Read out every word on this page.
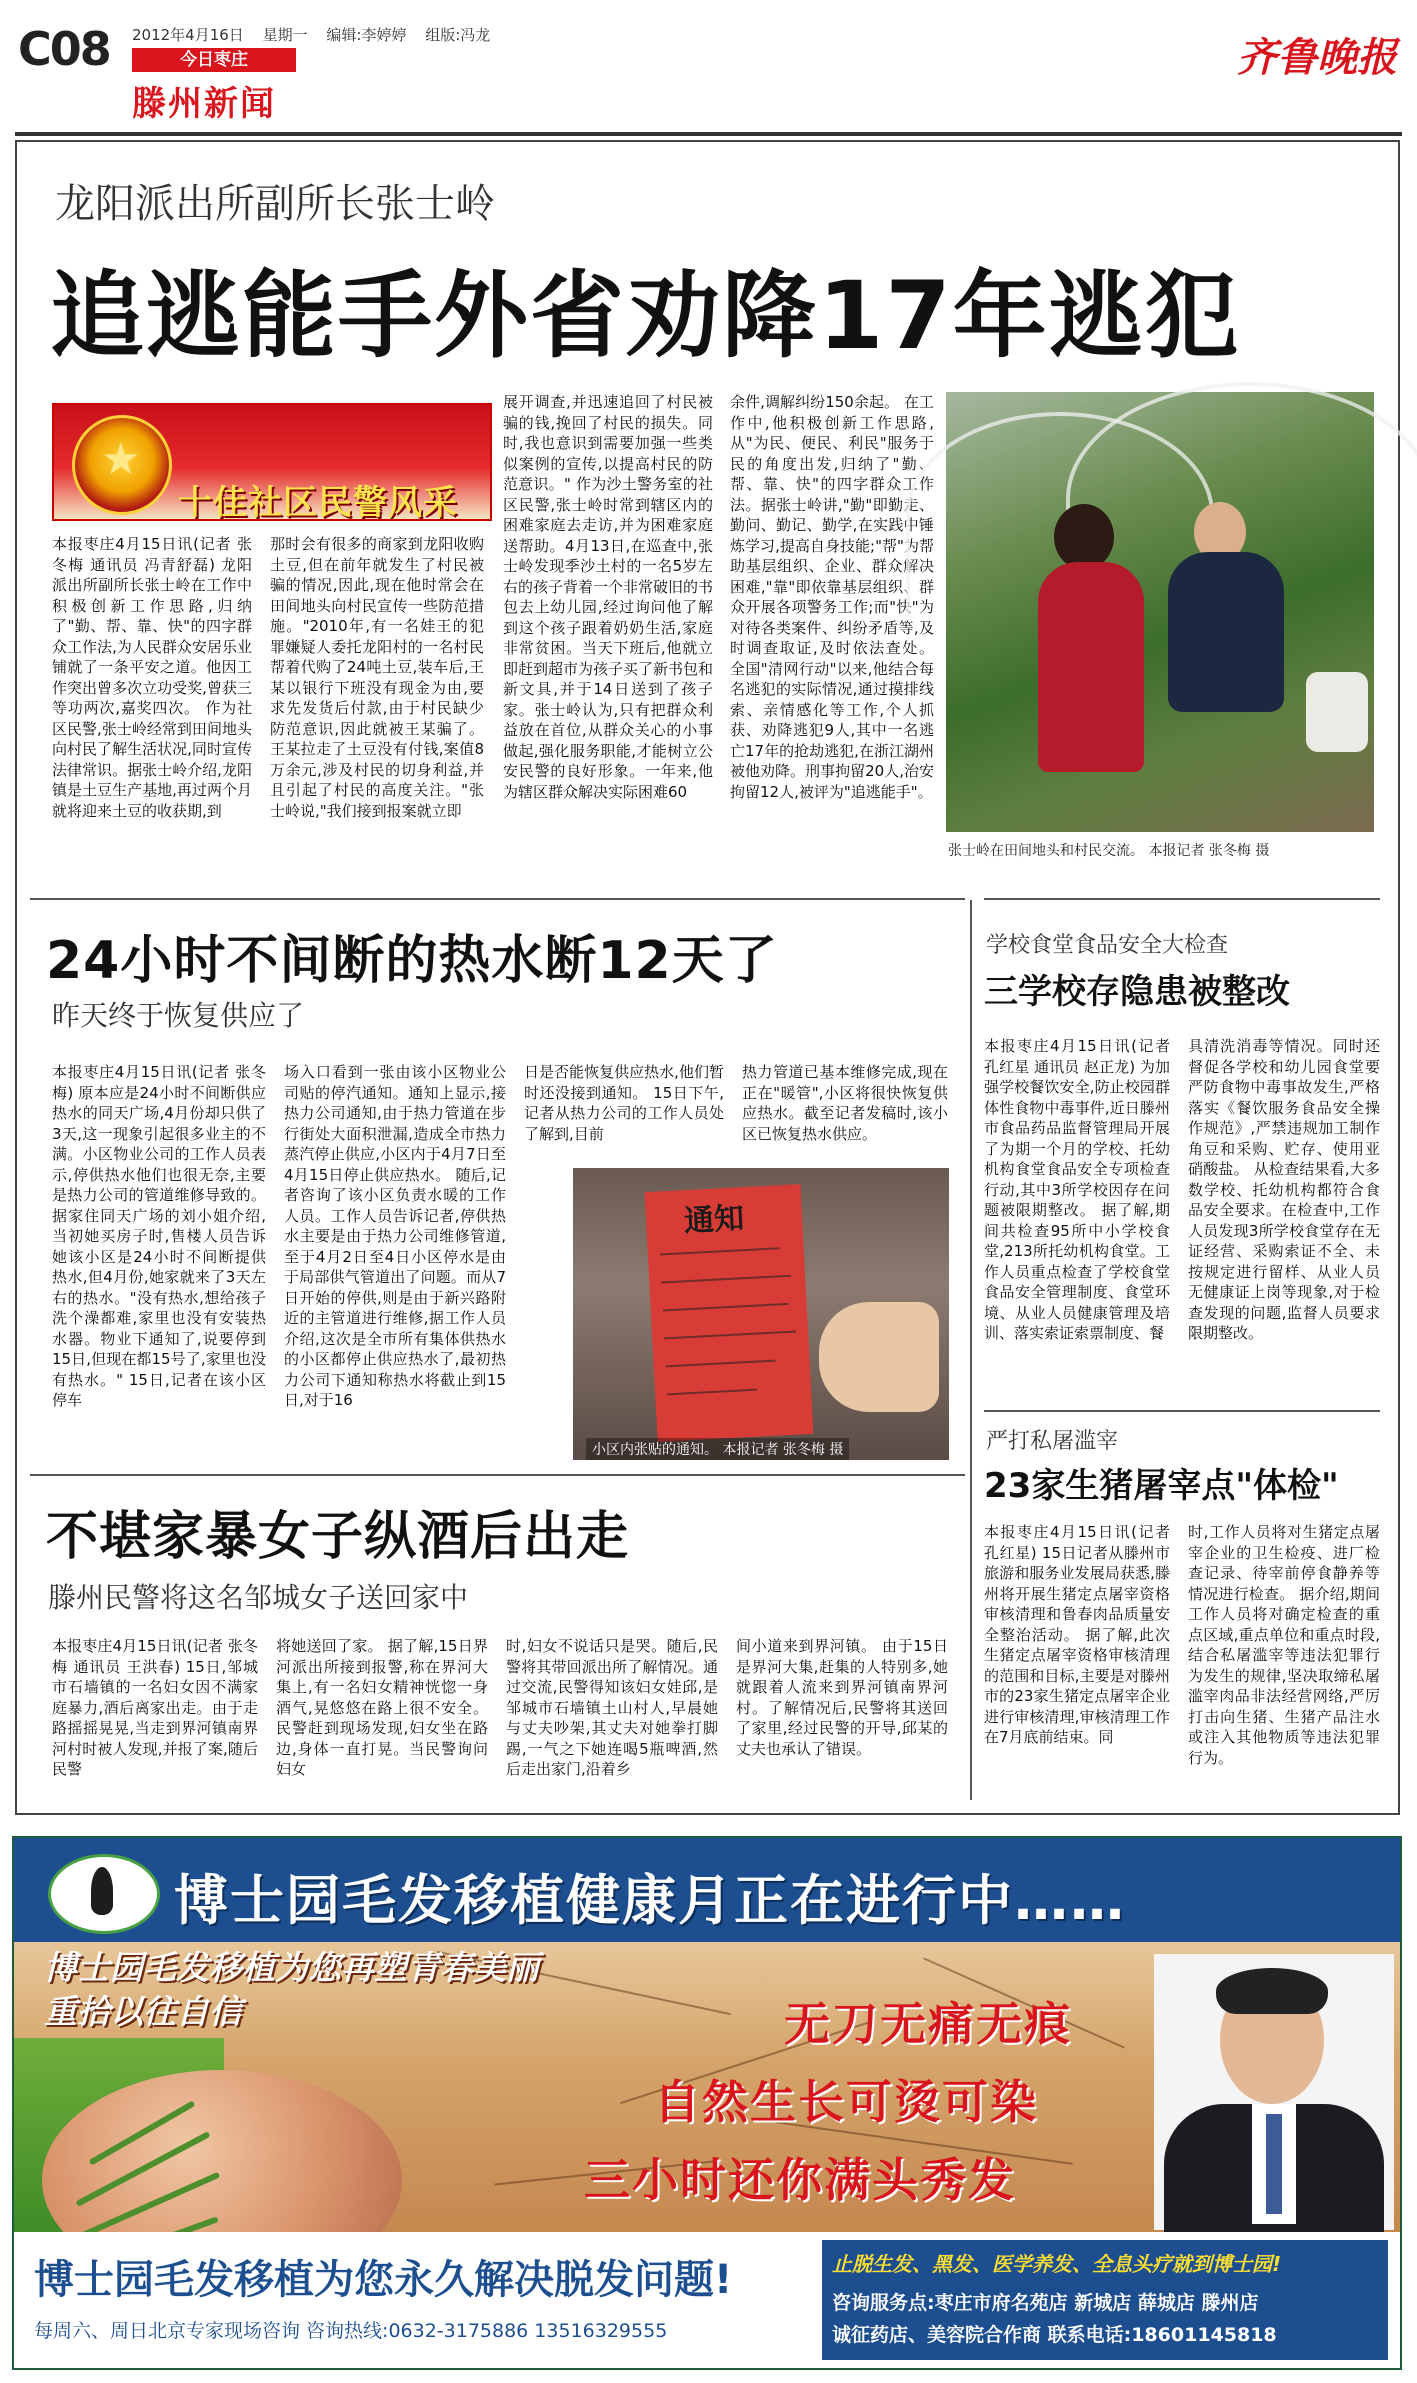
C08 2012年4月16日 星期一 编辑:李婷婷 组版:冯龙
今日枣庄
滕州新闻
齐鲁晚报
龙阳派出所副所长张士岭
追逃能手外省劝降17年逃犯
★
十佳社区民警风采
本报枣庄4月15日讯(记者 张冬梅 通讯员 冯青舒磊) 龙阳派出所副所长张士岭在工作中积极创新工作思路,归纳了"勤、帮、靠、快"的四字群众工作法,为人民群众安居乐业铺就了一条平安之道。他因工作突出曾多次立功受奖,曾获三等功两次,嘉奖四次。 作为社区民警,张士岭经常到田间地头向村民了解生活状况,同时宣传法律常识。据张士岭介绍,龙阳镇是土豆生产基地,再过两个月就将迎来土豆的收获期,到
那时会有很多的商家到龙阳收购土豆,但在前年就发生了村民被骗的情况,因此,现在他时常会在田间地头向村民宣传一些防范措施。"2010年,有一名娃王的犯罪嫌疑人委托龙阳村的一名村民帮着代购了24吨土豆,装车后,王某以银行下班没有现金为由,要求先发货后付款,由于村民缺少防范意识,因此就被王某骗了。王某拉走了土豆没有付钱,案值8万余元,涉及村民的切身利益,并且引起了村民的高度关注。"张士岭说,"我们接到报案就立即
展开调查,并迅速追回了村民被骗的钱,挽回了村民的损失。同时,我也意识到需要加强一些类似案例的宣传,以提高村民的防范意识。" 作为沙土警务室的社区民警,张士岭时常到辖区内的困难家庭去走访,并为困难家庭送帮助。4月13日,在巡查中,张士岭发现季沙土村的一名5岁左右的孩子背着一个非常破旧的书包去上幼儿园,经过询问他了解到这个孩子跟着奶奶生活,家庭非常贫困。当天下班后,他就立即赶到超市为孩子买了新书包和新文具,并于14日送到了孩子家。张士岭认为,只有把群众利益放在首位,从群众关心的小事做起,强化服务职能,才能树立公安民警的良好形象。一年来,他为辖区群众解决实际困难60
余件,调解纠纷150余起。 在工作中,他积极创新工作思路,从"为民、便民、利民"服务于民的角度出发,归纳了"勤、帮、靠、快"的四字群众工作法。据张士岭讲,"勤"即勤走、勤问、勤记、勤学,在实践中锤炼学习,提高自身技能;"帮"为帮助基层组织、企业、群众解决困难,"靠"即依靠基层组织、群众开展各项警务工作;而"快"为对待各类案件、纠纷矛盾等,及时调查取证,及时依法查处。 全国"清网行动"以来,他结合每名逃犯的实际情况,通过摸排线索、亲情感化等工作,个人抓获、劝降逃犯9人,其中一名逃亡17年的抢劫逃犯,在浙江湖州被他劝降。刑事拘留20人,治安拘留12人,被评为"追逃能手"。
张士岭在田间地头和村民交流。 本报记者 张冬梅 摄
24小时不间断的热水断12天了
昨天终于恢复供应了
本报枣庄4月15日讯(记者 张冬梅) 原本应是24小时不间断供应热水的同天广场,4月份却只供了3天,这一现象引起很多业主的不满。小区物业公司的工作人员表示,停供热水他们也很无奈,主要是热力公司的管道维修导致的。 据家住同天广场的刘小姐介绍,当初她买房子时,售楼人员告诉她该小区是24小时不间断提供热水,但4月份,她家就来了3天左右的热水。"没有热水,想给孩子洗个澡都难,家里也没有安装热水器。物业下通知了,说要停到15日,但现在都15号了,家里也没有热水。" 15日,记者在该小区停车
场入口看到一张由该小区物业公司贴的停汽通知。通知上显示,接热力公司通知,由于热力管道在步行街处大面积泄漏,造成全市热力蒸汽停止供应,小区内于4月7日至4月15日停止供应热水。 随后,记者咨询了该小区负责水暖的工作人员。工作人员告诉记者,停供热水主要是由于热力公司维修管道,至于4月2日至4日小区停水是由于局部供气管道出了问题。而从7日开始的停供,则是由于新兴路附近的主管道进行维修,据工作人员介绍,这次是全市所有集体供热水的小区都停止供应热水了,最初热力公司下通知称热水将截止到15日,对于16
日是否能恢复供应热水,他们暂时还没接到通知。 15日下午,记者从热力公司的工作人员处了解到,目前
热力管道已基本维修完成,现在正在"暖管",小区将很快恢复供应热水。截至记者发稿时,该小区已恢复热水供应。
通知
小区内张贴的通知。 本报记者 张冬梅 摄
学校食堂食品安全大检查
三学校存隐患被整改
本报枣庄4月15日讯(记者 孔红星 通讯员 赵正龙) 为加强学校餐饮安全,防止校园群体性食物中毒事件,近日滕州市食品药品监督管理局开展了为期一个月的学校、托幼机构食堂食品安全专项检查行动,其中3所学校因存在问题被限期整改。 据了解,期间共检查95所中小学校食堂,213所托幼机构食堂。工作人员重点检查了学校食堂食品安全管理制度、食堂环境、从业人员健康管理及培训、落实索证索票制度、餐
具清洗消毒等情况。同时还督促各学校和幼儿园食堂要严防食物中毒事故发生,严格落实《餐饮服务食品安全操作规范》,严禁违规加工制作角豆和采购、贮存、使用亚硝酸盐。 从检查结果看,大多数学校、托幼机构都符合食品安全要求。在检查中,工作人员发现3所学校食堂存在无证经营、采购索证不全、未按规定进行留样、从业人员无健康证上岗等现象,对于检查发现的问题,监督人员要求限期整改。
严打私屠滥宰
23家生猪屠宰点"体检"
本报枣庄4月15日讯(记者 孔红星) 15日记者从滕州市旅游和服务业发展局获悉,滕州将开展生猪定点屠宰资格审核清理和鲁春肉品质量安全整治活动。 据了解,此次生猪定点屠宰资格审核清理的范围和目标,主要是对滕州市的23家生猪定点屠宰企业进行审核清理,审核清理工作在7月底前结束。同
时,工作人员将对生猪定点屠宰企业的卫生检疫、进厂检查记录、待宰前停食静养等情况进行检查。 据介绍,期间工作人员将对确定检查的重点区域,重点单位和重点时段,结合私屠滥宰等违法犯罪行为发生的规律,坚决取缔私屠滥宰肉品非法经营网络,严厉打击向生猪、生猪产品注水或注入其他物质等违法犯罪行为。
不堪家暴女子纵酒后出走
滕州民警将这名邹城女子送回家中
本报枣庄4月15日讯(记者 张冬梅 通讯员 王洪春) 15日,邹城市石墙镇的一名妇女因不满家庭暴力,酒后离家出走。由于走路摇摇晃晃,当走到界河镇南界河村时被人发现,并报了案,随后民警
将她送回了家。 据了解,15日界河派出所接到报警,称在界河大集上,有一名妇女精神恍惚一身酒气,晃悠悠在路上很不安全。民警赶到现场发现,妇女坐在路边,身体一直打晃。当民警询问妇女
时,妇女不说话只是哭。随后,民警将其带回派出所了解情况。通过交流,民警得知该妇女娃邱,是邹城市石墙镇土山村人,早晨她与丈夫吵架,其丈夫对她拳打脚踢,一气之下她连喝5瓶啤酒,然后走出家门,沿着乡
间小道来到界河镇。 由于15日是界河大集,赶集的人特别多,她就跟着人流来到界河镇南界河村。了解情况后,民警将其送回了家里,经过民警的开导,邱某的丈夫也承认了错误。
博士园毛发移植健康月正在进行中……
博士园毛发移植为您再塑青春美丽
重拾以往自信	无刀无痛无痕
自然生长可烫可染
三小时还你满头秀发
博士园毛发移植为您永久解决脱发问题!
每周六、周日北京专家现场咨询 咨询热线:0632-3175886 13516329555
止脱生发、黑发、医学养发、全息头疗就到博士园!
咨询服务点:枣庄市府名苑店 新城店 薛城店 滕州店
诚征药店、美容院合作商 联系电话:18601145818
